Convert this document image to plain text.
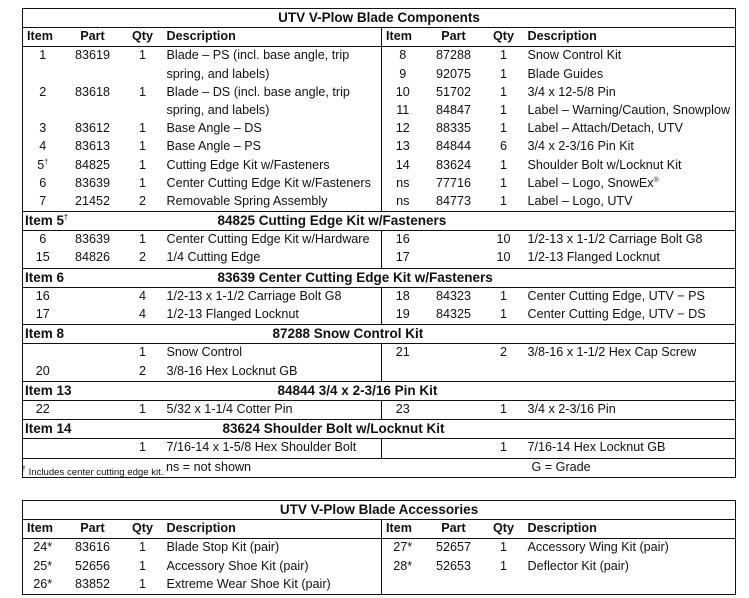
UTV V-Plow Blade Components							
Item	Part	Qty	Description	Item	Part	Qty	Description
1	83619	1	Blade – PS (incl. base angle, trip	8	87288	1	Snow Control Kit
			spring, and labels)	9	92075	1	Blade Guides
2	83618	1	Blade – DS (incl. base angle, trip	10	51702	1	3/4 x 12-5/8 Pin
			spring, and labels)	11	84847	1	Label – Warning/Caution, Snowplow
3	83612	1	Base Angle – DS	12	88335	1	Label – Attach/Detach, UTV
4	83613	1	Base Angle – PS	13	84844	6	3/4 x 2-3/16 Pin Kit
5†	84825	1	Cutting Edge Kit w/Fasteners	14	83624	1	Shoulder Bolt w/Locknut Kit
6	83639	1	Center Cutting Edge Kit w/Fasteners	ns	77716	1	Label – Logo, SnowEx®
7	21452	2	Removable Spring Assembly	ns	84773	1	Label – Logo, UTV
Item 5†		84825 Cutting Edge Kit w/Fasteners					
6	83639	1	Center Cutting Edge Kit w/Hardware	16		10	1/2-13 x 1-1/2 Carriage Bolt G8
15	84826	2	1/4 Cutting Edge	17		10	1/2-13 Flanged Locknut
Item 6		83639 Center Cutting Edge Kit w/Fasteners					
16		4	1/2-13 x 1-1/2 Carriage Bolt G8	18	84323	1	Center Cutting Edge, UTV − PS
17		4	1/2-13 Flanged Locknut	19	84325	1	Center Cutting Edge, UTV − DS
Item 8		87288 Snow Control Kit					
		1	Snow Control	21		2	3/8-16 x 1-1/2 Hex Cap Screw
20		2	3/8-16 Hex Locknut GB				
Item 13		84844 3/4 x 2-3/16 Pin Kit					
22		1	5/32 x 1-1/4 Cotter Pin	23		1	3/4 x 2-3/16 Pin
Item 14		83624 Shoulder Bolt w/Locknut Kit					
		1	7/16-14 x 1-5/8 Hex Shoulder Bolt			1	7/16-14 Hex Locknut GB
ns = not shown				G = Grade			
† Includes center cutting edge kit.
UTV V-Plow Blade Accessories							
Item	Part	Qty	Description	Item	Part	Qty	Description
24*	83616	1	Blade Stop Kit (pair)	27*	52657	1	Accessory Wing Kit (pair)
25*	52656	1	Accessory Shoe Kit (pair)	28*	52653	1	Deflector Kit (pair)
26*	83852	1	Extreme Wear Shoe Kit (pair)				
